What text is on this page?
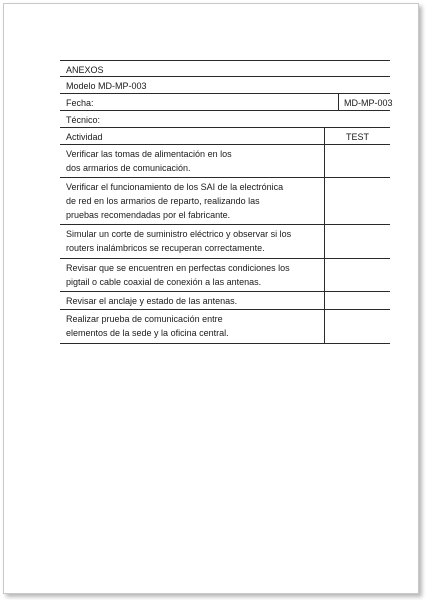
ANEXOS
Modelo MD-MP-003
Fecha:	MD-MP-003
Técnico:
Actividad	TEST
Verificar las tomas de alimentación en los
dos armarios de comunicación.
Verificar el funcionamiento de los SAI de la electrónica
de red en los armarios de reparto, realizando las
pruebas recomendadas por el fabricante.
Simular un corte de suministro eléctrico y observar si los
routers inalámbricos se recuperan correctamente.
Revisar que se encuentren en perfectas condiciones los
pigtail o cable coaxial de conexión a las antenas.
Revisar el anclaje y estado de las antenas.
Realizar prueba de comunicación entre
elementos de la sede y la oficina central.
